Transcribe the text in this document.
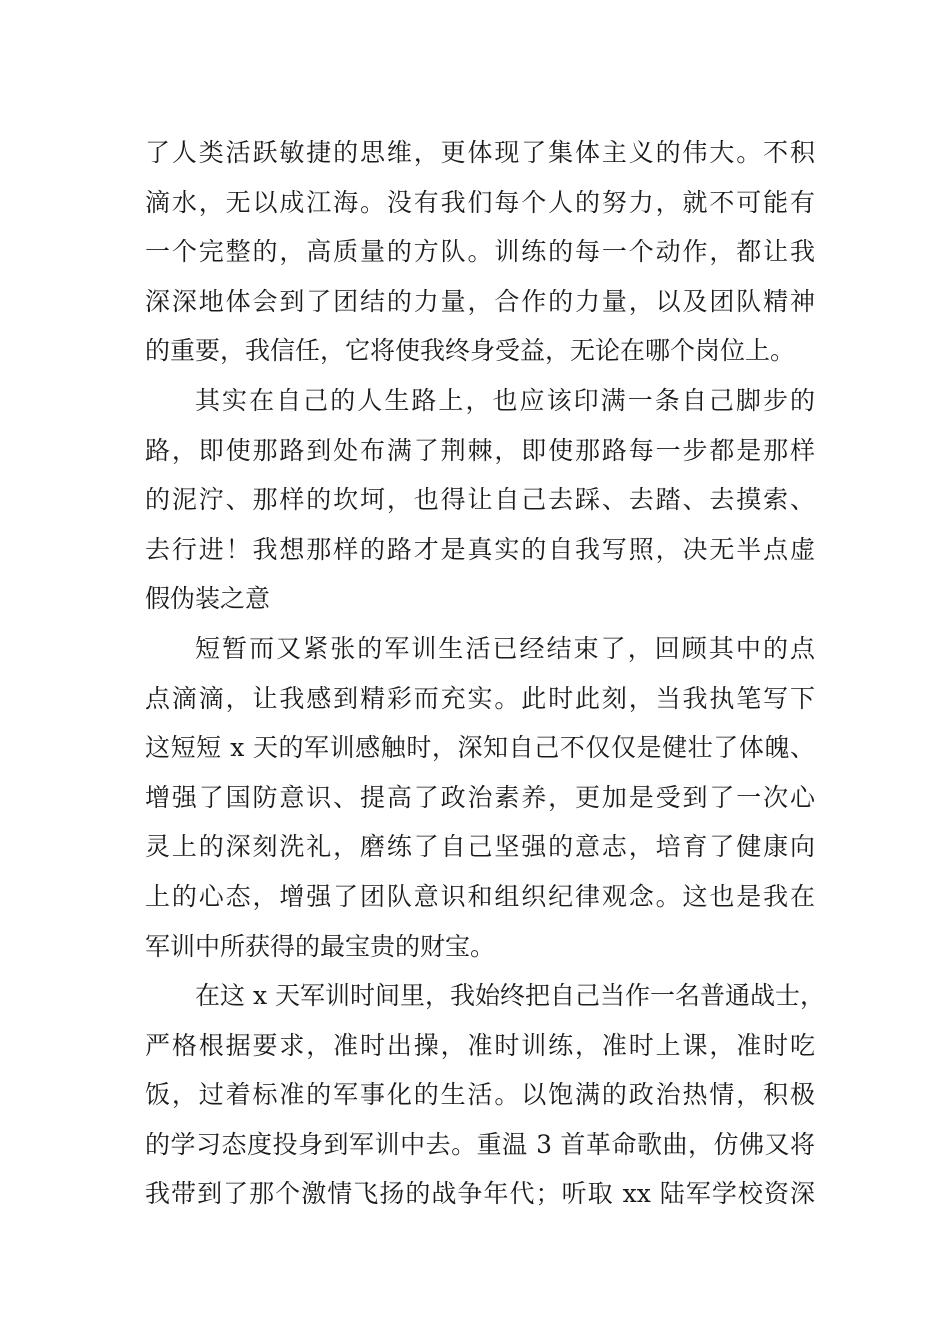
了人类活跃敏捷的思维，更体现了集体主义的伟大。不积
滴水，无以成江海。没有我们每个人的努力，就不可能有
一个完整的，高质量的方队。训练的每一个动作，都让我
深深地体会到了团结的力量，合作的力量，以及团队精神
的重要，我信任，它将使我终身受益，无论在哪个岗位上。
其实在自己的人生路上，也应该印满一条自己脚步的
路，即使那路到处布满了荆棘，即使那路每一步都是那样
的泥泞、那样的坎坷，也得让自己去踩、去踏、去摸索、
去行进！我想那样的路才是真实的自我写照，决无半点虚
假伪装之意
短暂而又紧张的军训生活已经结束了，回顾其中的点
点滴滴，让我感到精彩而充实。此时此刻，当我执笔写下
这短短 x 天的军训感触时，深知自己不仅仅是健壮了体魄、
增强了国防意识、提高了政治素养，更加是受到了一次心
灵上的深刻洗礼，磨练了自己坚强的意志，培育了健康向
上的心态，增强了团队意识和组织纪律观念。这也是我在
军训中所获得的最宝贵的财宝。
在这 x 天军训时间里，我始终把自己当作一名普通战士，
严格根据要求，准时出操，准时训练，准时上课，准时吃
饭，过着标准的军事化的生活。以饱满的政治热情，积极
的学习态度投身到军训中去。重温 3 首革命歌曲，仿佛又将
我带到了那个激情飞扬的战争年代；听取 xx 陆军学校资深
